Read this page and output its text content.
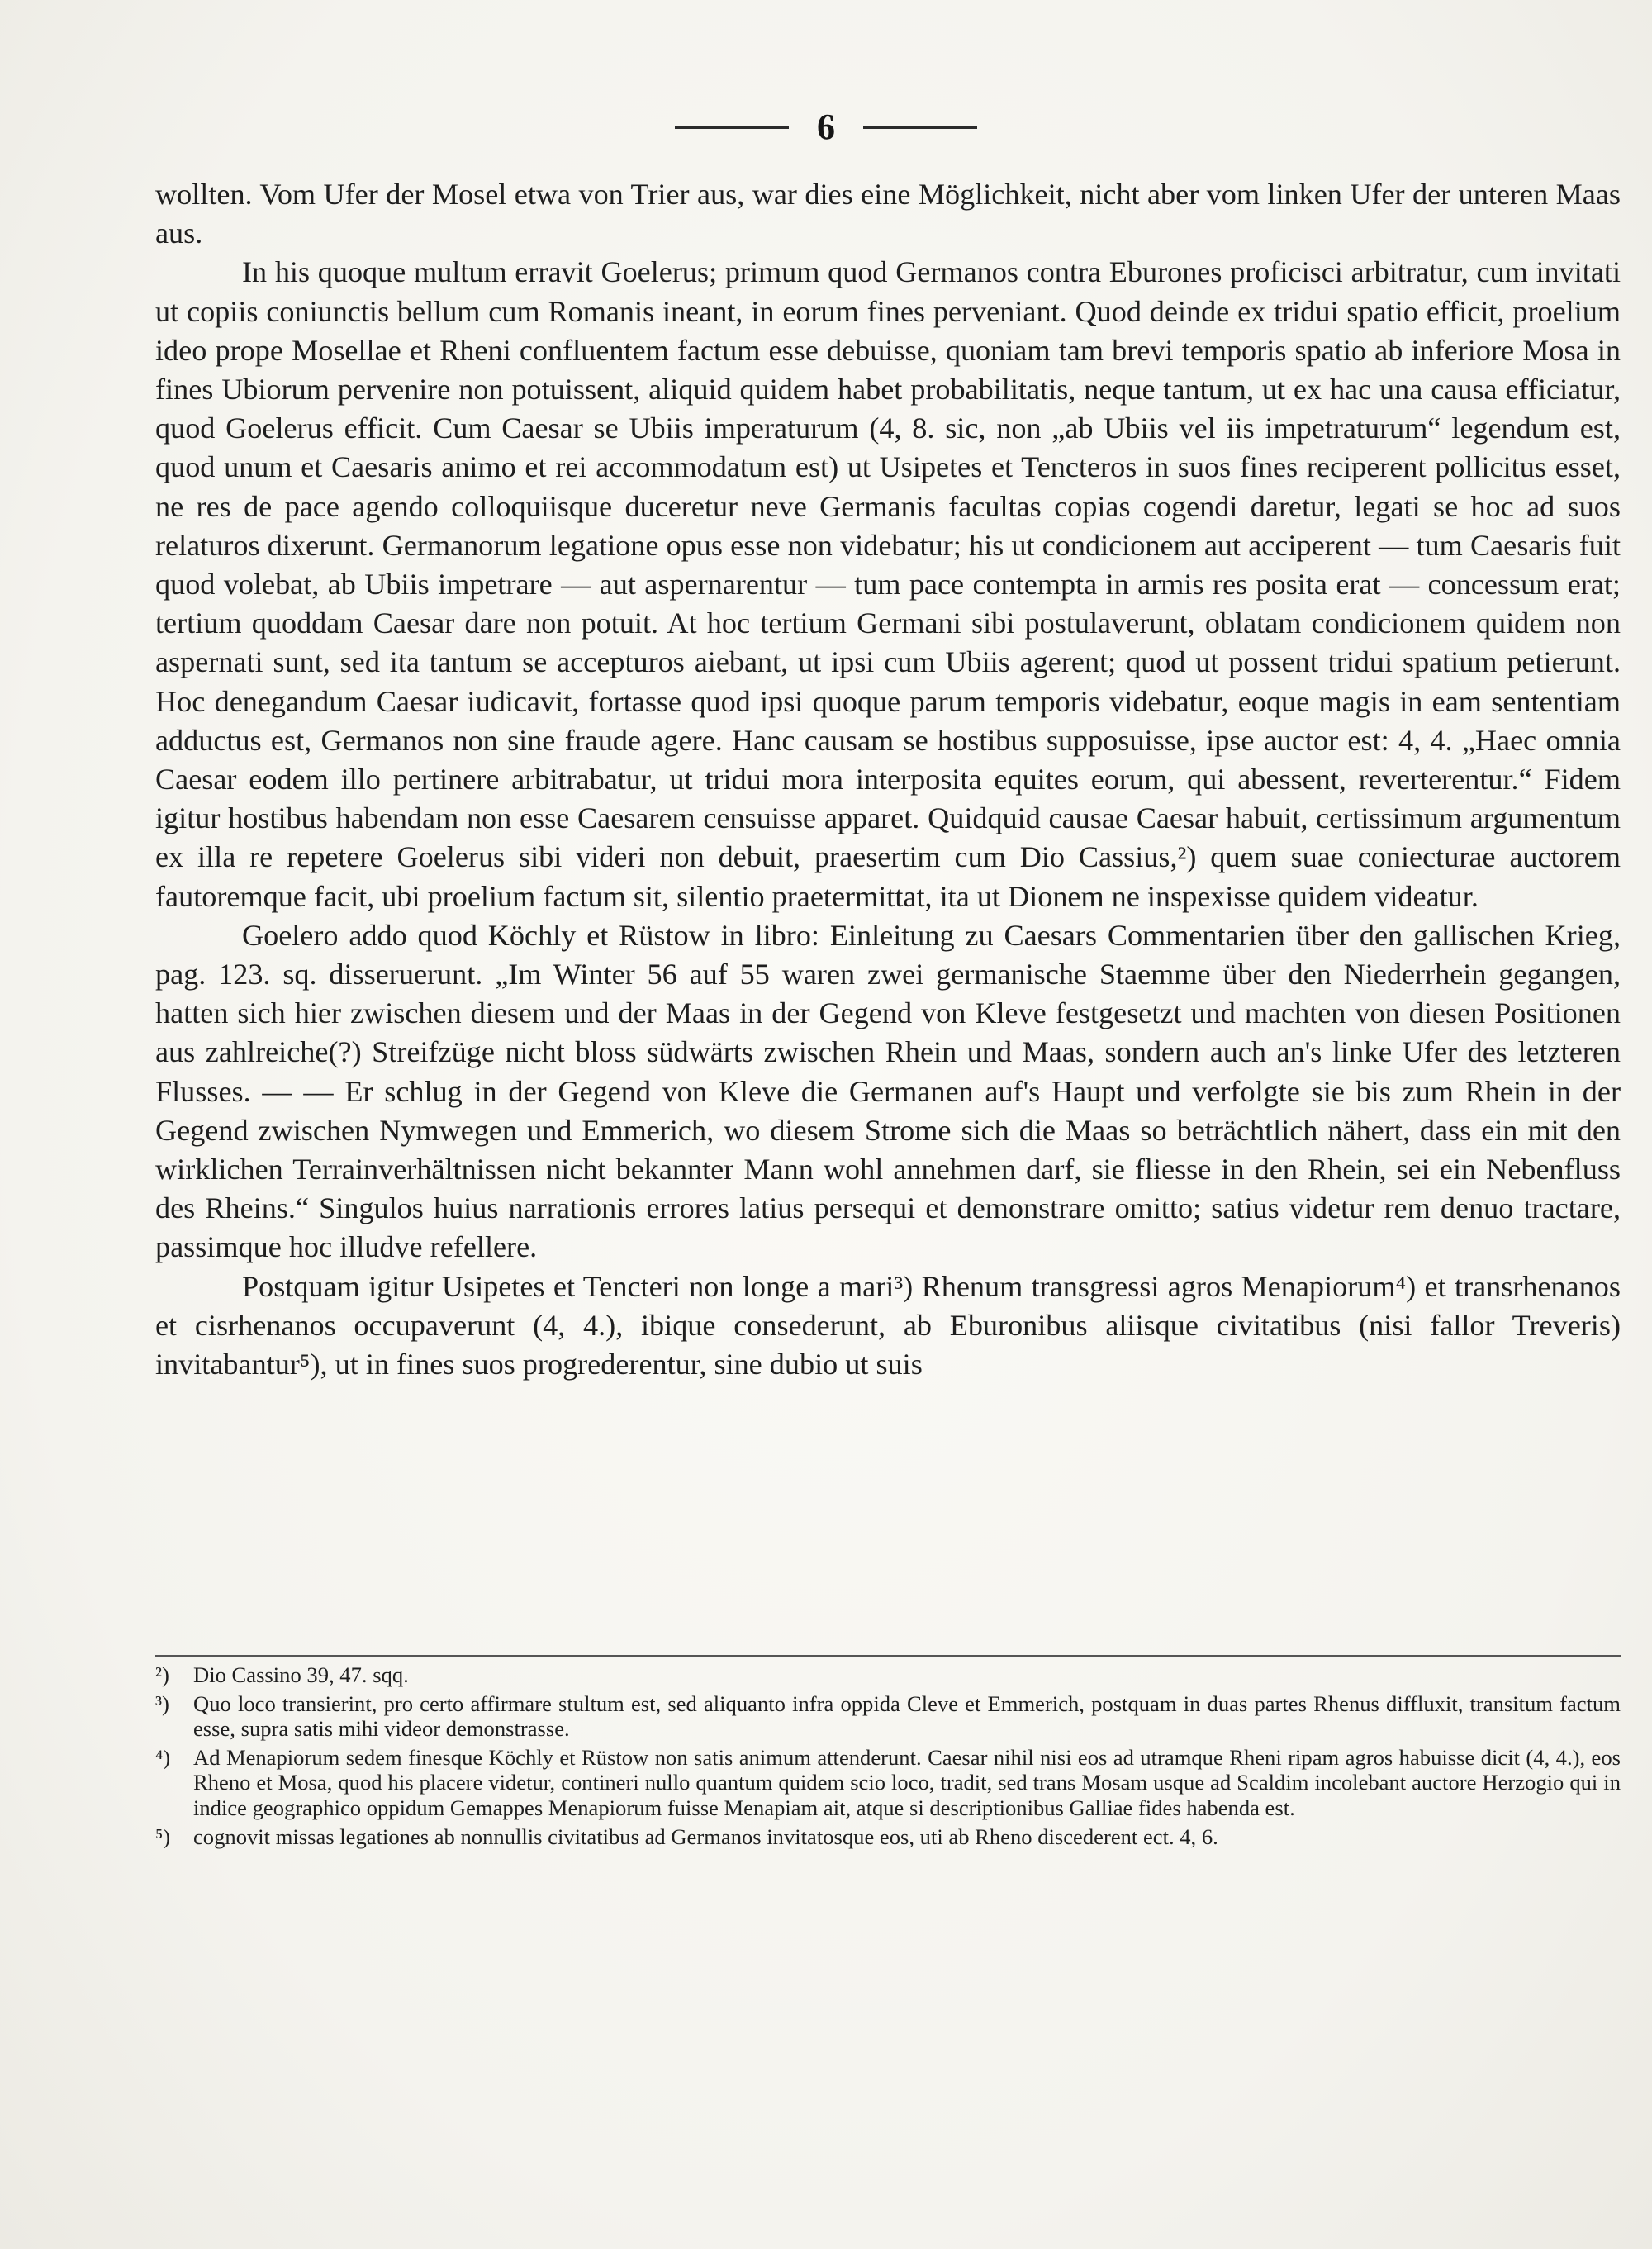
6

wollten. Vom Ufer der Mosel etwa von Trier aus, war dies eine Möglichkeit, nicht aber vom linken Ufer der unteren Maas aus.

In his quoque multum erravit Goelerus; primum quod Germanos contra Eburones proficisci arbitratur, cum invitati ut copiis coniunctis bellum cum Romanis ineant, in eorum fines perveniant. Quod deinde ex tridui spatio efficit, proelium ideo prope Mosellae et Rheni confluentem factum esse debuisse, quoniam tam brevi temporis spatio ab inferiore Mosa in fines Ubiorum pervenire non potuissent, aliquid quidem habet probabilitatis, neque tantum, ut ex hac una causa efficiatur, quod Goelerus efficit. Cum Caesar se Ubiis imperaturum (4, 8. sic, non „ab Ubiis vel iis impetraturum“ legendum est, quod unum et Caesaris animo et rei accommodatum est) ut Usipetes et Tencteros in suos fines reciperent pollicitus esset, ne res de pace agendo colloquiisque duceretur neve Germanis facultas copias cogendi daretur, legati se hoc ad suos relaturos dixerunt. Germanorum legatione opus esse non videbatur; his ut condicionem aut acciperent — tum Caesaris fuit quod volebat, ab Ubiis impetrare — aut aspernarentur — tum pace contempta in armis res posita erat — concessum erat; tertium quoddam Caesar dare non potuit. At hoc tertium Germani sibi postulaverunt, oblatam condicionem quidem non aspernati sunt, sed ita tantum se accepturos aiebant, ut ipsi cum Ubiis agerent; quod ut possent tridui spatium petierunt. Hoc denegandum Caesar iudicavit, fortasse quod ipsi quoque parum temporis videbatur, eoque magis in eam sententiam adductus est, Germanos non sine fraude agere. Hanc causam se hostibus supposuisse, ipse auctor est: 4, 4. „Haec omnia Caesar eodem illo pertinere arbitrabatur, ut tridui mora interposita equites eorum, qui abessent, reverterentur.“ Fidem igitur hostibus habendam non esse Caesarem censuisse apparet. Quidquid causae Caesar habuit, certissimum argumentum ex illa re repetere Goelerus sibi videri non debuit, praesertim cum Dio Cassius,²) quem suae coniecturae auctorem fautoremque facit, ubi proelium factum sit, silentio praetermittat, ita ut Dionem ne inspexisse quidem videatur.

Goelero addo quod Köchly et Rüstow in libro: Einleitung zu Caesars Commentarien über den gallischen Krieg, pag. 123. sq. disseruerunt. „Im Winter 56 auf 55 waren zwei germanische Staemme über den Niederrhein gegangen, hatten sich hier zwischen diesem und der Maas in der Gegend von Kleve festgesetzt und machten von diesen Positionen aus zahlreiche(?) Streifzüge nicht bloss südwärts zwischen Rhein und Maas, sondern auch an's linke Ufer des letzteren Flusses. — — Er schlug in der Gegend von Kleve die Germanen auf's Haupt und verfolgte sie bis zum Rhein in der Gegend zwischen Nymwegen und Emmerich, wo diesem Strome sich die Maas so beträchtlich nähert, dass ein mit den wirklichen Terrainverhältnissen nicht bekannter Mann wohl annehmen darf, sie fliesse in den Rhein, sei ein Nebenfluss des Rheins.“ Singulos huius narrationis errores latius persequi et demonstrare omitto; satius videtur rem denuo tractare, passimque hoc illudve refellere.

Postquam igitur Usipetes et Tencteri non longe a mari³) Rhenum transgressi agros Menapiorum⁴) et transrhenanos et cisrhenanos occupaverunt (4, 4.), ibique consederunt, ab Eburonibus aliisque civitatibus (nisi fallor Treveris) invitabantur⁵), ut in fines suos progrederentur, sine dubio ut suis

²)	Dio Cassino 39, 47. sqq.
³)	Quo loco transierint, pro certo affirmare stultum est, sed aliquanto infra oppida Cleve et Emmerich, postquam in duas partes Rhenus diffluxit, transitum factum esse, supra satis mihi videor demonstrasse.
⁴)	Ad Menapiorum sedem finesque Köchly et Rüstow non satis animum attenderunt. Caesar nihil nisi eos ad utramque Rheni ripam agros habuisse dicit (4, 4.), eos Rheno et Mosa, quod his placere videtur, contineri nullo quantum quidem scio loco, tradit, sed trans Mosam usque ad Scaldim incolebant auctore Herzogio qui in indice geographico oppidum Gemappes Menapiorum fuisse Menapiam ait, atque si descriptionibus Galliae fides habenda est.
⁵)	cognovit missas legationes ab nonnullis civitatibus ad Germanos invitatosque eos, uti ab Rheno discederent ect. 4, 6.
